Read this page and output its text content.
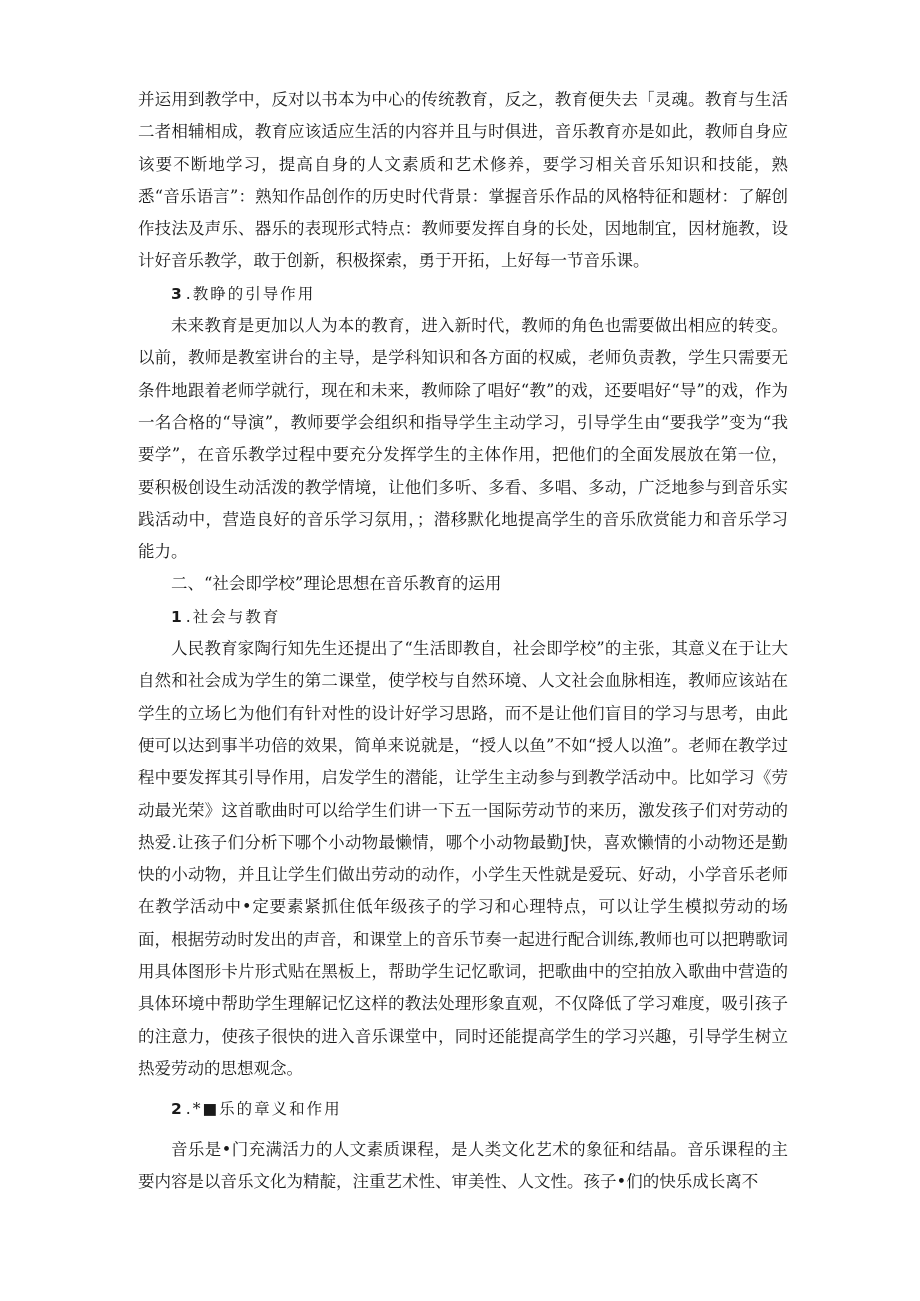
并运用到教学中，反对以书本为中心的传统教育，反之，教育便失去「灵魂。教育与生活二者相辅相成，教育应该适应生活的内容并且与时俱进，音乐教育亦是如此，教师自身应该要不断地学习，提高自身的人文素质和艺术修养，要学习相关音乐知识和技能，熟悉“音乐语言”：熟知作品创作的历史时代背景：掌握音乐作品的风格特征和题材：了解创作技法及声乐、器乐的表现形式特点：教师要发挥自身的长处，因地制宜，因材施教，设计好音乐教学，敢于创新，积极探索，勇于开拓，上好每一节音乐课。

3 .教睁的引导作用

未来教育是更加以人为本的教育，进入新时代，教师的角色也需要做出相应的转变。以前，教师是教室讲台的主导，是学科知识和各方面的权威，老师负责教，学生只需要无条件地跟着老师学就行，现在和未来，教师除了唱好“教”的戏，还要唱好“导”的戏，作为一名合格的“导演”，教师要学会组织和指导学生主动学习，引导学生由“要我学”变为“我要学”，在音乐教学过程中要充分发挥学生的主体作用，把他们的全面发展放在第一位，要积极创设生动活泼的教学情境，让他们多听、多看、多唱、多动，广泛地参与到音乐实践活动中，营造良好的音乐学习氛用，；潜移默化地提高学生的音乐欣赏能力和音乐学习能力。

二、“社会即学校”理论思想在音乐教育的运用

1 .社会与教育

人民教育家陶行知先生还提出了“生活即教自，社会即学校”的主张，其意义在于让大自然和社会成为学生的第二课堂，使学校与自然环境、人文社会血脉相连，教师应该站在学生的立场匕为他们有针对性的设计好学习思路，而不是让他们盲目的学习与思考，由此便可以达到事半功倍的效果，简单来说就是，“授人以鱼”不如“授人以渔”。老师在教学过程中要发挥其引导作用，启发学生的潜能，让学生主动参与到教学活动中。比如学习《劳动最光荣》这首歌曲时可以给学生们讲一下五一国际劳动节的来历，激发孩子们对劳动的热爱.让孩子们分析下哪个小动物最懒情，哪个小动物最勤J快，喜欢懒情的小动物还是勤快的小动物，并且让学生们做出劳动的动作，小学生天性就是爱玩、好动，小学音乐老师在教学活动中•定要素紧抓住低年级孩子的学习和心理特点，可以让学生模拟劳动的场面，根据劳动时发出的声音，和课堂上的音乐节奏一起进行配合训练,教师也可以把聘歌词用具体图形卡片形式贴在黑板上，帮助学生记忆歌词，把歌曲中的空拍放入歌曲中营造的具体环境中帮助学生理解记忆这样的教法处理形象直观，不仅降低了学习难度，吸引孩子的注意力，使孩子很快的进入音乐课堂中，同时还能提高学生的学习兴趣，引导学生树立热爱劳动的思想观念。

2 .*■乐的章义和作用

音乐是•门充满活力的人文素质课程，是人类文化艺术的象征和结晶。音乐课程的主要内容是以音乐文化为精靛，注重艺术性、审美性、人文性。孩子•们的快乐成长离不
